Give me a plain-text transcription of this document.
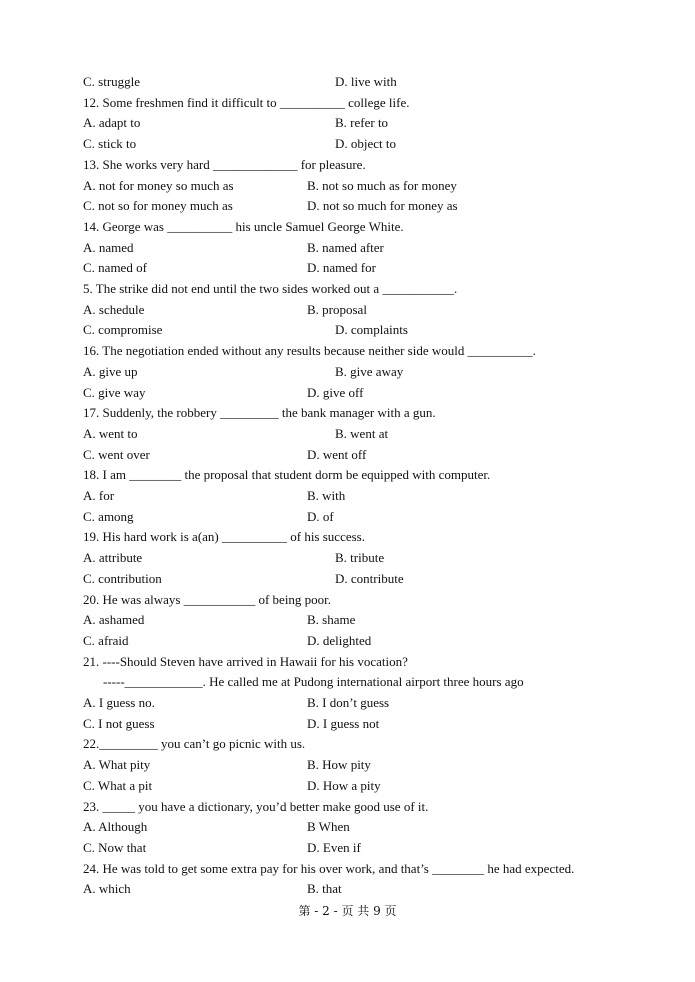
C. struggle	D. live with
12. Some freshmen find it difficult to __________ college life.
A. adapt to	B. refer to
C. stick to	D. object to
13. She works very hard _____________ for pleasure.
A. not for money so much as	B. not so much as for money
C. not so for money much as	D. not so much for money as
14. George was __________ his uncle Samuel George White.
A. named	B. named after
C. named of	D. named for
5. The strike did not end until the two sides worked out a ___________.
A. schedule	B. proposal
C. compromise	D. complaints
16. The negotiation ended without any results because neither side would __________.
A. give up	B. give away
C. give way	D. give off
17. Suddenly, the robbery _________ the bank manager with a gun.
A. went to	B. went at
C. went over	D. went off
18. I am ________ the proposal that student dorm be equipped with computer.
A. for	B. with
C. among	D. of
19. His hard work is a(an) __________ of his success.
A. attribute	B. tribute
C. contribution	D. contribute
20. He was always ___________ of being poor.
A. ashamed	B. shame
C. afraid	D. delighted
21. ----Should Steven have arrived in Hawaii for his vocation?
-----____________. He called me at Pudong international airport three hours ago
A. I guess no.	B. I don’t guess
C. I not guess	D. I guess not
22._________ you can’t go picnic with us.
A. What pity	B. How pity
C. What a pit	D. How a pity
23. _____ you have a dictionary, you’d better make good use of it.
A. Although	B When
C. Now that	D. Even if
24. He was told to get some extra pay for his over work, and that’s ________ he had expected.
A. which	B. that
第 - 2 - 页 共 9 页
